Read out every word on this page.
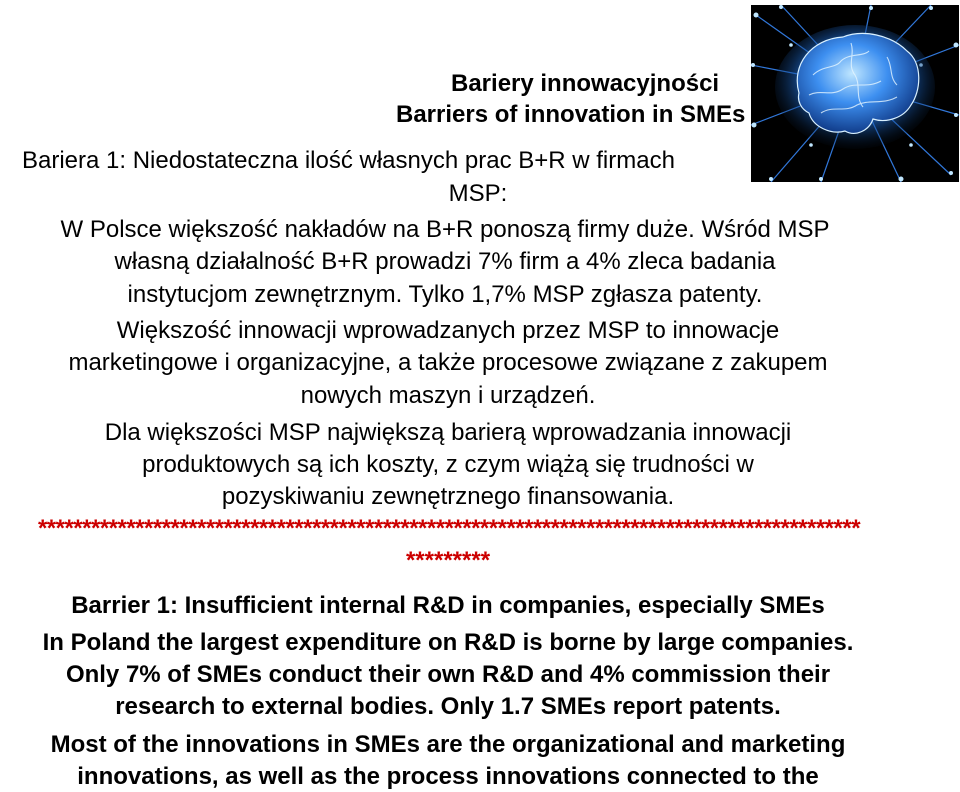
Bariery innowacyjności
Barriers of innovation in SMEs
Bariera 1: Niedostateczna ilość własnych prac B+R w firmach
MSP:
W Polsce większość nakładów na B+R ponoszą firmy duże. Wśród MSP
własną działalność B+R prowadzi 7% firm a 4% zleca badania
instytucjom zewnętrznym. Tylko 1,7% MSP zgłasza patenty.
Większość innowacji wprowadzanych przez MSP to innowacje
marketingowe i organizacyjne, a także procesowe związane z zakupem
nowych maszyn i urządzeń.
Dla większości MSP największą barierą wprowadzania innowacji
produktowych są ich koszty, z czym wiążą się trudności w
pozyskiwaniu zewnętrznego finansowania.
*********************************************************************************************
*********
Barrier 1: Insufficient internal R&D in companies, especially SMEs
In Poland the largest expenditure on R&D is borne by large companies.
Only 7% of SMEs conduct their own R&D and 4% commission their
research to external bodies. Only 1.7 SMEs report patents.
Most of the innovations in SMEs are the organizational and marketing
innovations, as well as the process innovations connected to the
